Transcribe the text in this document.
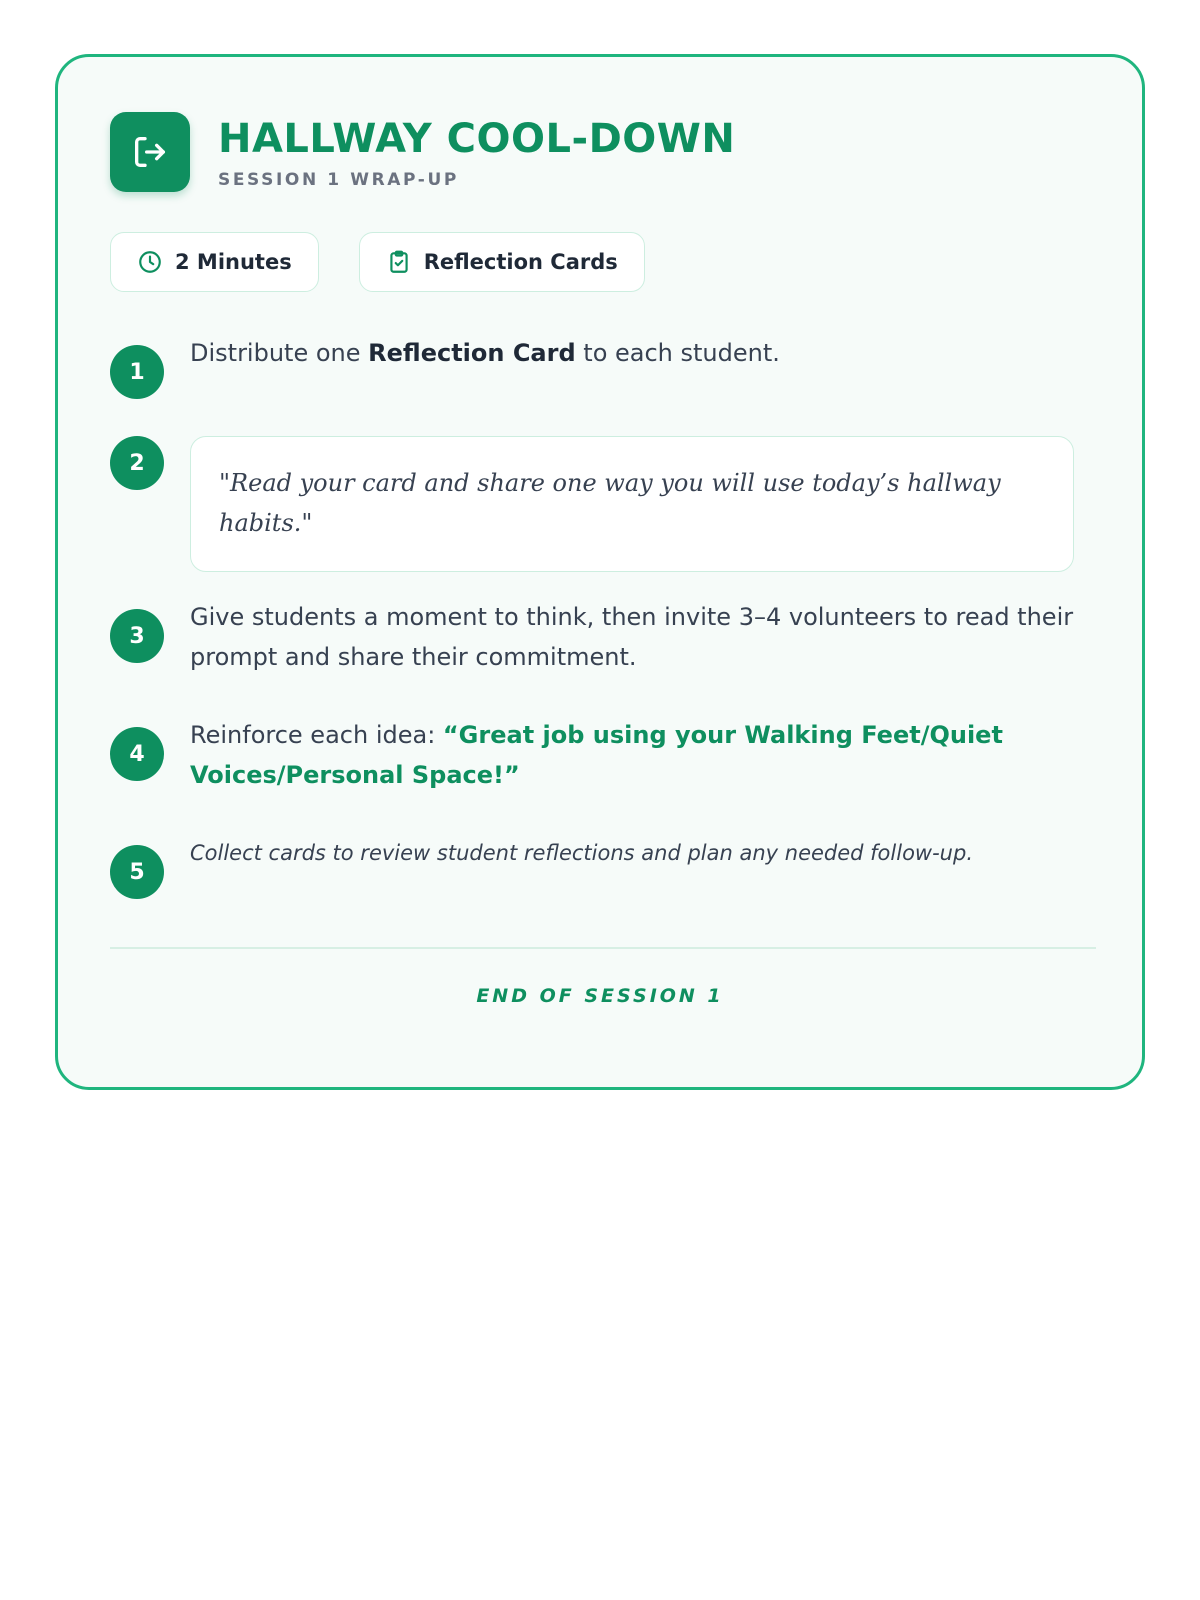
HALLWAY COOL-DOWN
SESSION 1 WRAP-UP
2 Minutes	Reflection Cards
1
Distribute one Reflection Card to each student.
2
"Read your card and share one way you will use today’s hallway habits."
3
Give students a moment to think, then invite 3–4 volunteers to read their prompt and share their commitment.
4
Reinforce each idea: “Great job using your Walking Feet/Quiet Voices/Personal Space!”
5
Collect cards to review student reflections and plan any needed follow-up.
END OF SESSION 1
